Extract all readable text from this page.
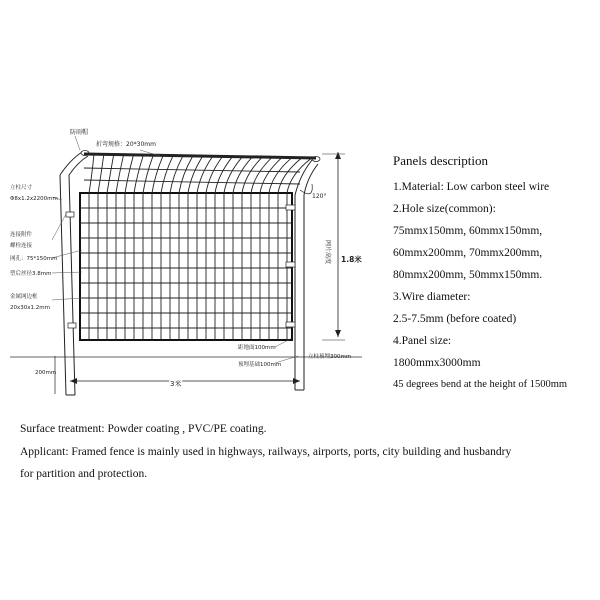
防雨帽
折弯规格：20*30mm
立柱尺寸
Φ8x1.2x2200mm
连接附件
螺栓连接
网孔：75*150mm
塑后丝径3.8mm
金属网边框
20x30x1.2mm
120°
网片高度 1.8米
距地面100mm
立柱预埋300mm
预埋基础100mm
200mm
3米
Panels description
1.Material: Low carbon steel wire
2.Hole size(common):
75mmx150mm, 60mmx150mm,
60mmx200mm, 70mmx200mm,
80mmx200mm, 50mmx150mm.
3.Wire diameter:
2.5-7.5mm (before coated)
4.Panel size:
1800mmx3000mm
45 degrees bend at the height of 1500mm
Surface treatment: Powder coating , PVC/PE coating.
Applicant: Framed fence is mainly used in highways, railways, airports, ports, city building and husbandry
for partition and protection.
